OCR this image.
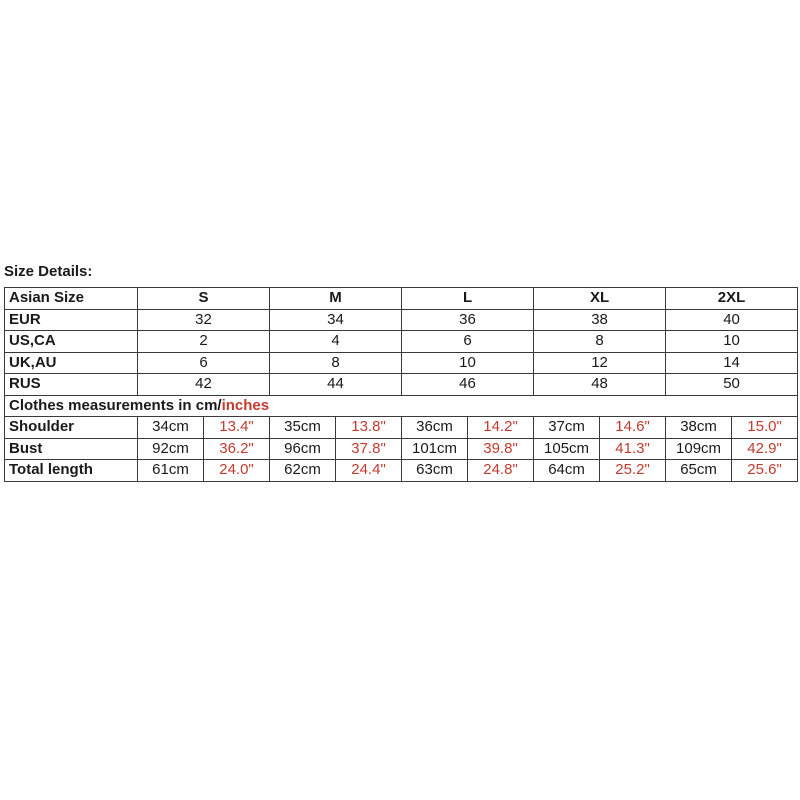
Size Details:
Asian Size	S		M		L		XL		2XL	
EUR	32		34		36		38		40	
US,CA	2		4		6		8		10	
UK,AU	6		8		10		12		14	
RUS	42		44		46		48		50	
Clothes measurements in cm/inches										
Shoulder	34cm	13.4"	35cm	13.8"	36cm	14.2"	37cm	14.6"	38cm	15.0"
Bust	92cm	36.2"	96cm	37.8"	101cm	39.8"	105cm	41.3"	109cm	42.9"
Total length	61cm	24.0"	62cm	24.4"	63cm	24.8"	64cm	25.2"	65cm	25.6"
